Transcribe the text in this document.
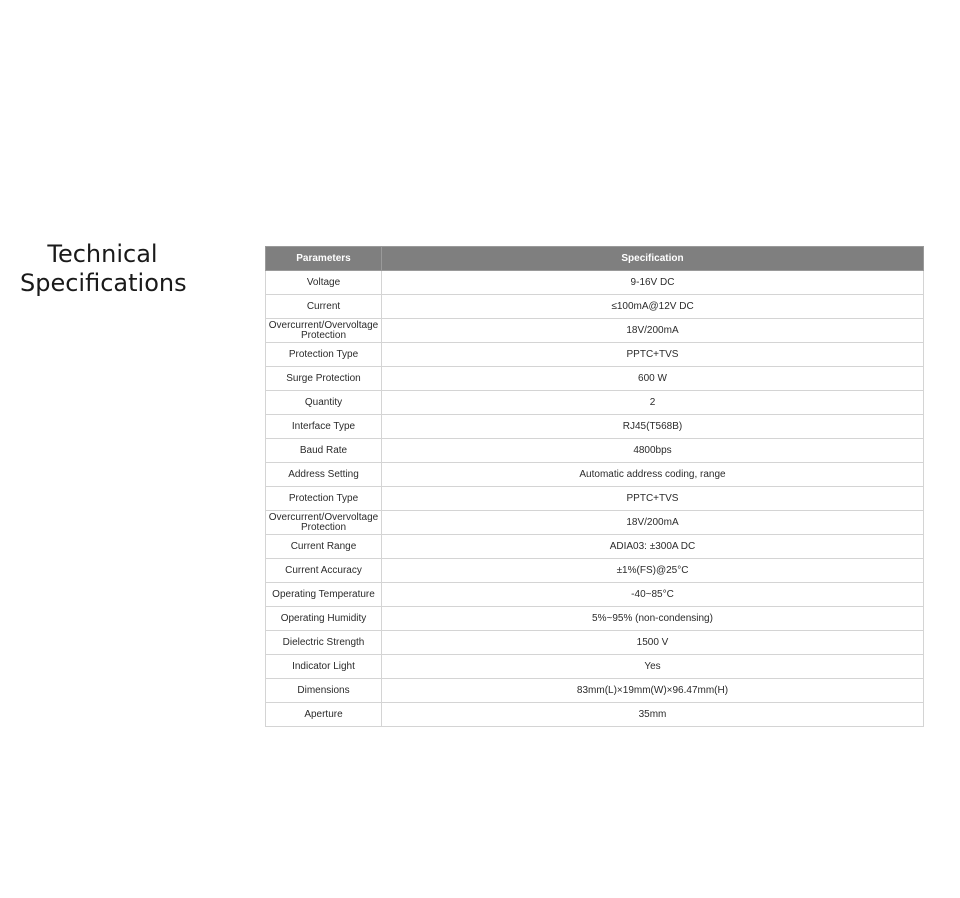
Technical
Specifications
Parameters	Specification
Voltage	9-16V DC
Current	≤100mA@12V DC
Overcurrent/Overvoltage Protection	18V/200mA
Protection Type	PPTC+TVS
Surge Protection	600 W
Quantity	2
Interface Type	RJ45(T568B)
Baud Rate	4800bps
Address Setting	Automatic address coding, range
Protection Type	PPTC+TVS
Overcurrent/Overvoltage Protection	18V/200mA
Current Range	ADIA03: ±300A DC
Current Accuracy	±1%(FS)@25°C
Operating Temperature	-40~85°C
Operating Humidity	5%~95% (non-condensing)
Dielectric Strength	1500 V
Indicator Light	Yes
Dimensions	83mm(L)×19mm(W)×96.47mm(H)
Aperture	35mm
